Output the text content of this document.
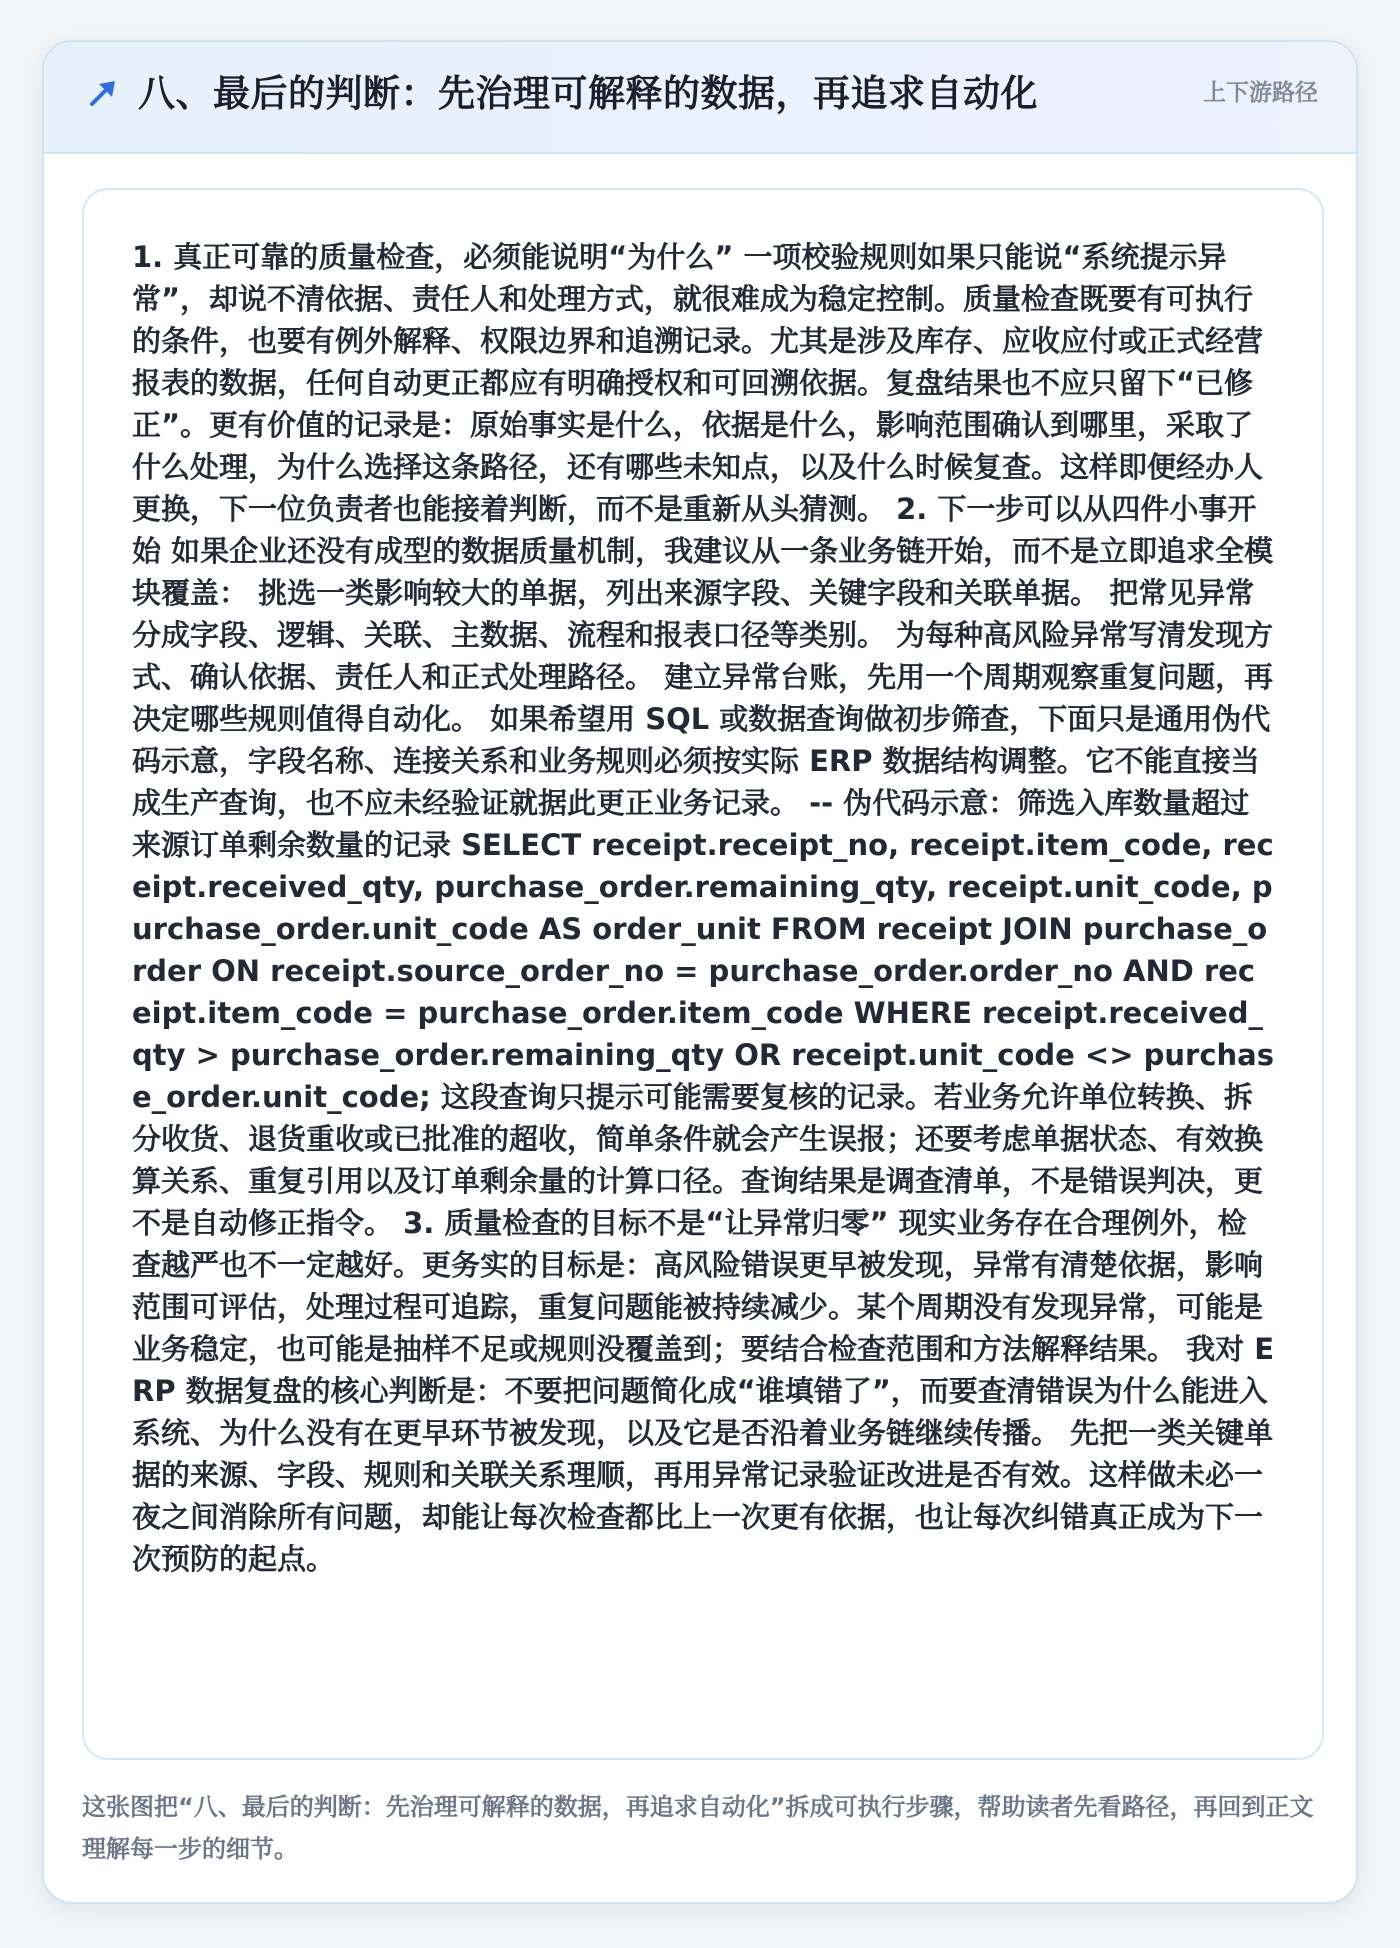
八、最后的判断：先治理可解释的数据，再追求自动化	上下游路径

1. 真正可靠的质量检查，必须能说明“为什么” 一项校验规则如果只能说“系统提示异常”，却说不清依据、责任人和处理方式，就很难成为稳定控制。质量检查既要有可执行的条件，也要有例外解释、权限边界和追溯记录。尤其是涉及库存、应收应付或正式经营报表的数据，任何自动更正都应有明确授权和可回溯依据。复盘结果也不应只留下“已修正”。更有价值的记录是：原始事实是什么，依据是什么，影响范围确认到哪里，采取了什么处理，为什么选择这条路径，还有哪些未知点，以及什么时候复查。这样即便经办人更换，下一位负责者也能接着判断，而不是重新从头猜测。 2. 下一步可以从四件小事开始 如果企业还没有成型的数据质量机制，我建议从一条业务链开始，而不是立即追求全模块覆盖： 挑选一类影响较大的单据，列出来源字段、关键字段和关联单据。 把常见异常分成字段、逻辑、关联、主数据、流程和报表口径等类别。 为每种高风险异常写清发现方式、确认依据、责任人和正式处理路径。 建立异常台账，先用一个周期观察重复问题，再决定哪些规则值得自动化。 如果希望用 SQL 或数据查询做初步筛查，下面只是通用伪代码示意，字段名称、连接关系和业务规则必须按实际 ERP 数据结构调整。它不能直接当成生产查询，也不应未经验证就据此更正业务记录。 -- 伪代码示意：筛选入库数量超过来源订单剩余数量的记录 SELECT receipt.receipt_no, receipt.item_code, receipt.received_qty, purchase_order.remaining_qty, receipt.unit_code, purchase_order.unit_code AS order_unit FROM receipt JOIN purchase_order ON receipt.source_order_no = purchase_order.order_no AND receipt.item_code = purchase_order.item_code WHERE receipt.received_qty > purchase_order.remaining_qty OR receipt.unit_code <> purchase_order.unit_code; 这段查询只提示可能需要复核的记录。若业务允许单位转换、拆分收货、退货重收或已批准的超收，简单条件就会产生误报；还要考虑单据状态、有效换算关系、重复引用以及订单剩余量的计算口径。查询结果是调查清单，不是错误判决，更不是自动修正指令。 3. 质量检查的目标不是“让异常归零” 现实业务存在合理例外，检查越严也不一定越好。更务实的目标是：高风险错误更早被发现，异常有清楚依据，影响范围可评估，处理过程可追踪，重复问题能被持续减少。某个周期没有发现异常，可能是业务稳定，也可能是抽样不足或规则没覆盖到；要结合检查范围和方法解释结果。 我对 ERP 数据复盘的核心判断是：不要把问题简化成“谁填错了”，而要查清错误为什么能进入系统、为什么没有在更早环节被发现，以及它是否沿着业务链继续传播。 先把一类关键单据的来源、字段、规则和关联关系理顺，再用异常记录验证改进是否有效。这样做未必一夜之间消除所有问题，却能让每次检查都比上一次更有依据，也让每次纠错真正成为下一次预防的起点。

这张图把“八、最后的判断：先治理可解释的数据，再追求自动化”拆成可执行步骤，帮助读者先看路径，再回到正文理解每一步的细节。
